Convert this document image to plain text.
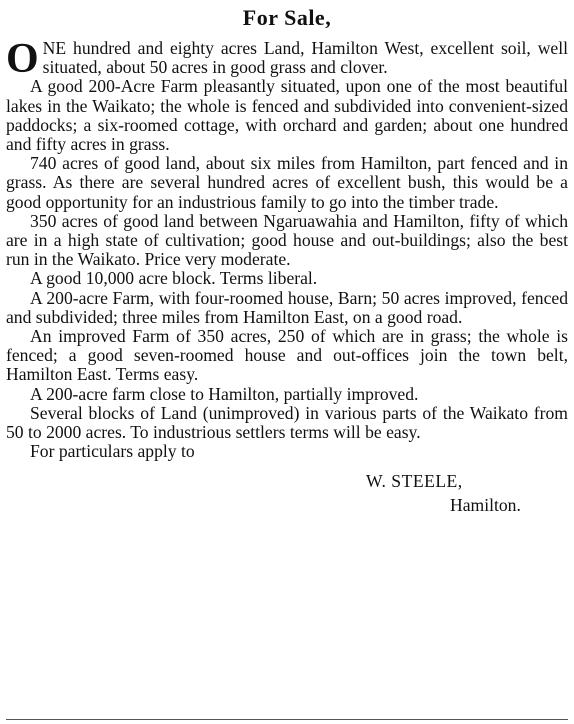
For Sale,

ONE hundred and eighty acres Land, Hamilton West, excellent soil, well situated, about 50 acres in good grass and clover.

A good 200-Acre Farm pleasantly situated, upon one of the most beautiful lakes in the Waikato; the whole is fenced and subdivided into convenient-sized paddocks; a six-roomed cottage, with orchard and garden; about one hundred and fifty acres in grass.

740 acres of good land, about six miles from Hamilton, part fenced and in grass. As there are several hundred acres of excellent bush, this would be a good opportunity for an industrious family to go into the timber trade.

350 acres of good land between Ngaruawahia and Hamilton, fifty of which are in a high state of cultivation; good house and out-buildings; also the best run in the Waikato. Price very moderate.

A good 10,000 acre block. Terms liberal.

A 200-acre Farm, with four-roomed house, Barn; 50 acres improved, fenced and subdivided; three miles from Hamilton East, on a good road.

An improved Farm of 350 acres, 250 of which are in grass; the whole is fenced; a good seven-roomed house and out-offices join the town belt, Hamilton East. Terms easy.

A 200-acre farm close to Hamilton, partially improved.

Several blocks of Land (unimproved) in various parts of the Waikato from 50 to 2000 acres. To industrious settlers terms will be easy.

For particulars apply to

W. STEELE,
Hamilton.
